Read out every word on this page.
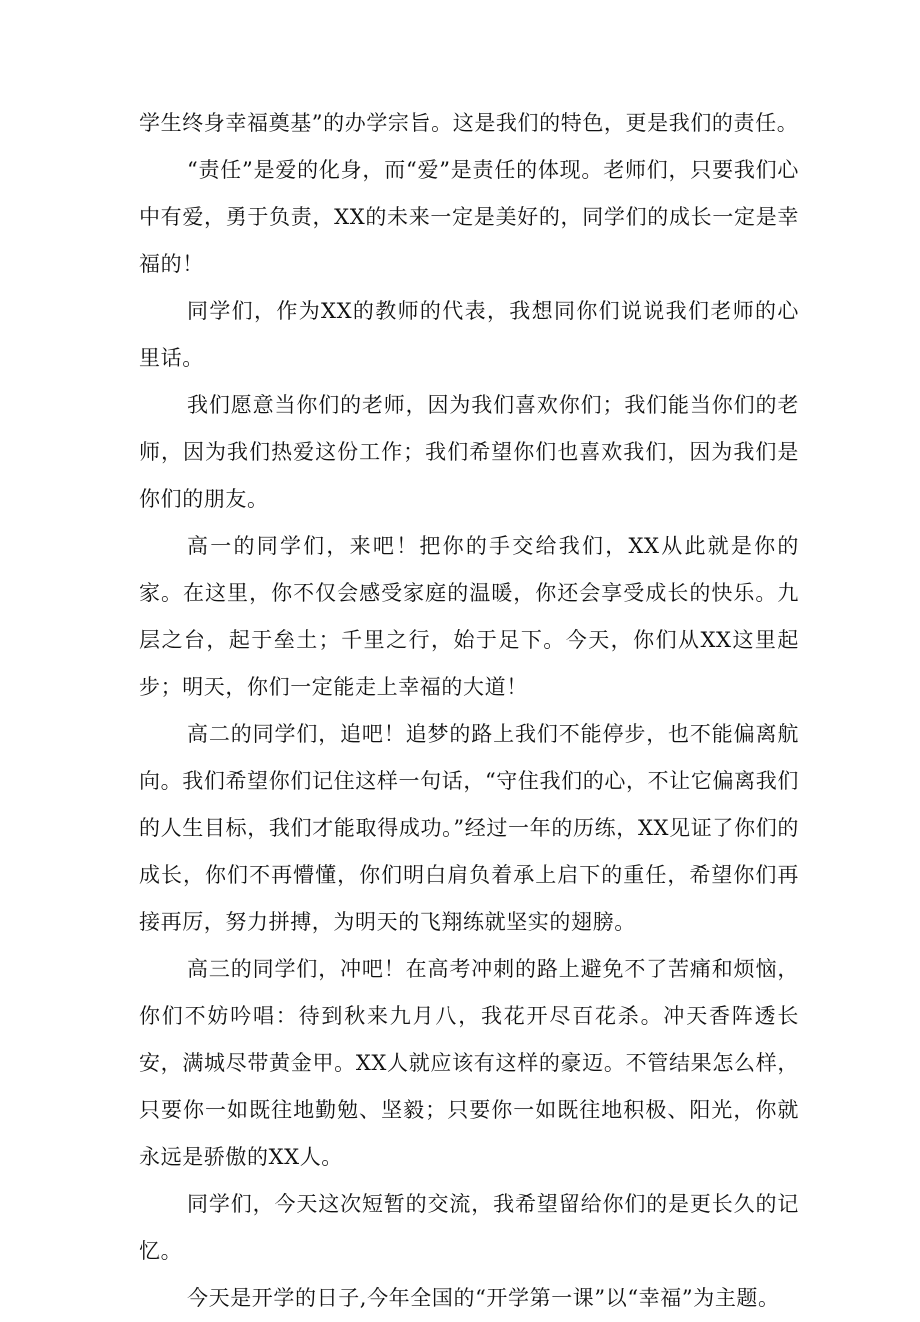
学生终身幸福奠基”的办学宗旨。这是我们的特色，更是我们的责任。

“责任”是爱的化身，而“爱”是责任的体现。老师们，只要我们心中有爱，勇于负责，XX的未来一定是美好的，同学们的成长一定是幸福的！

同学们，作为XX的教师的代表，我想同你们说说我们老师的心里话。

我们愿意当你们的老师，因为我们喜欢你们；我们能当你们的老师，因为我们热爱这份工作；我们希望你们也喜欢我们，因为我们是你们的朋友。

高一的同学们，来吧！把你的手交给我们，XX从此就是你的家。在这里，你不仅会感受家庭的温暖，你还会享受成长的快乐。九层之台，起于垒土；千里之行，始于足下。今天，你们从XX这里起步；明天，你们一定能走上幸福的大道！

高二的同学们，追吧！追梦的路上我们不能停步，也不能偏离航向。我们希望你们记住这样一句话，“守住我们的心，不让它偏离我们的人生目标，我们才能取得成功。”经过一年的历练，XX见证了你们的成长，你们不再懵懂，你们明白肩负着承上启下的重任，希望你们再接再厉，努力拼搏，为明天的飞翔练就坚实的翅膀。

高三的同学们，冲吧！在高考冲刺的路上避免不了苦痛和烦恼，你们不妨吟唱：待到秋来九月八，我花开尽百花杀。冲天香阵透长安，满城尽带黄金甲。XX人就应该有这样的豪迈。不管结果怎么样，只要你一如既往地勤勉、坚毅；只要你一如既往地积极、阳光，你就永远是骄傲的XX人。

同学们，今天这次短暂的交流，我希望留给你们的是更长久的记忆。

今天是开学的日子,今年全国的“开学第一课”以“幸福”为主题。
